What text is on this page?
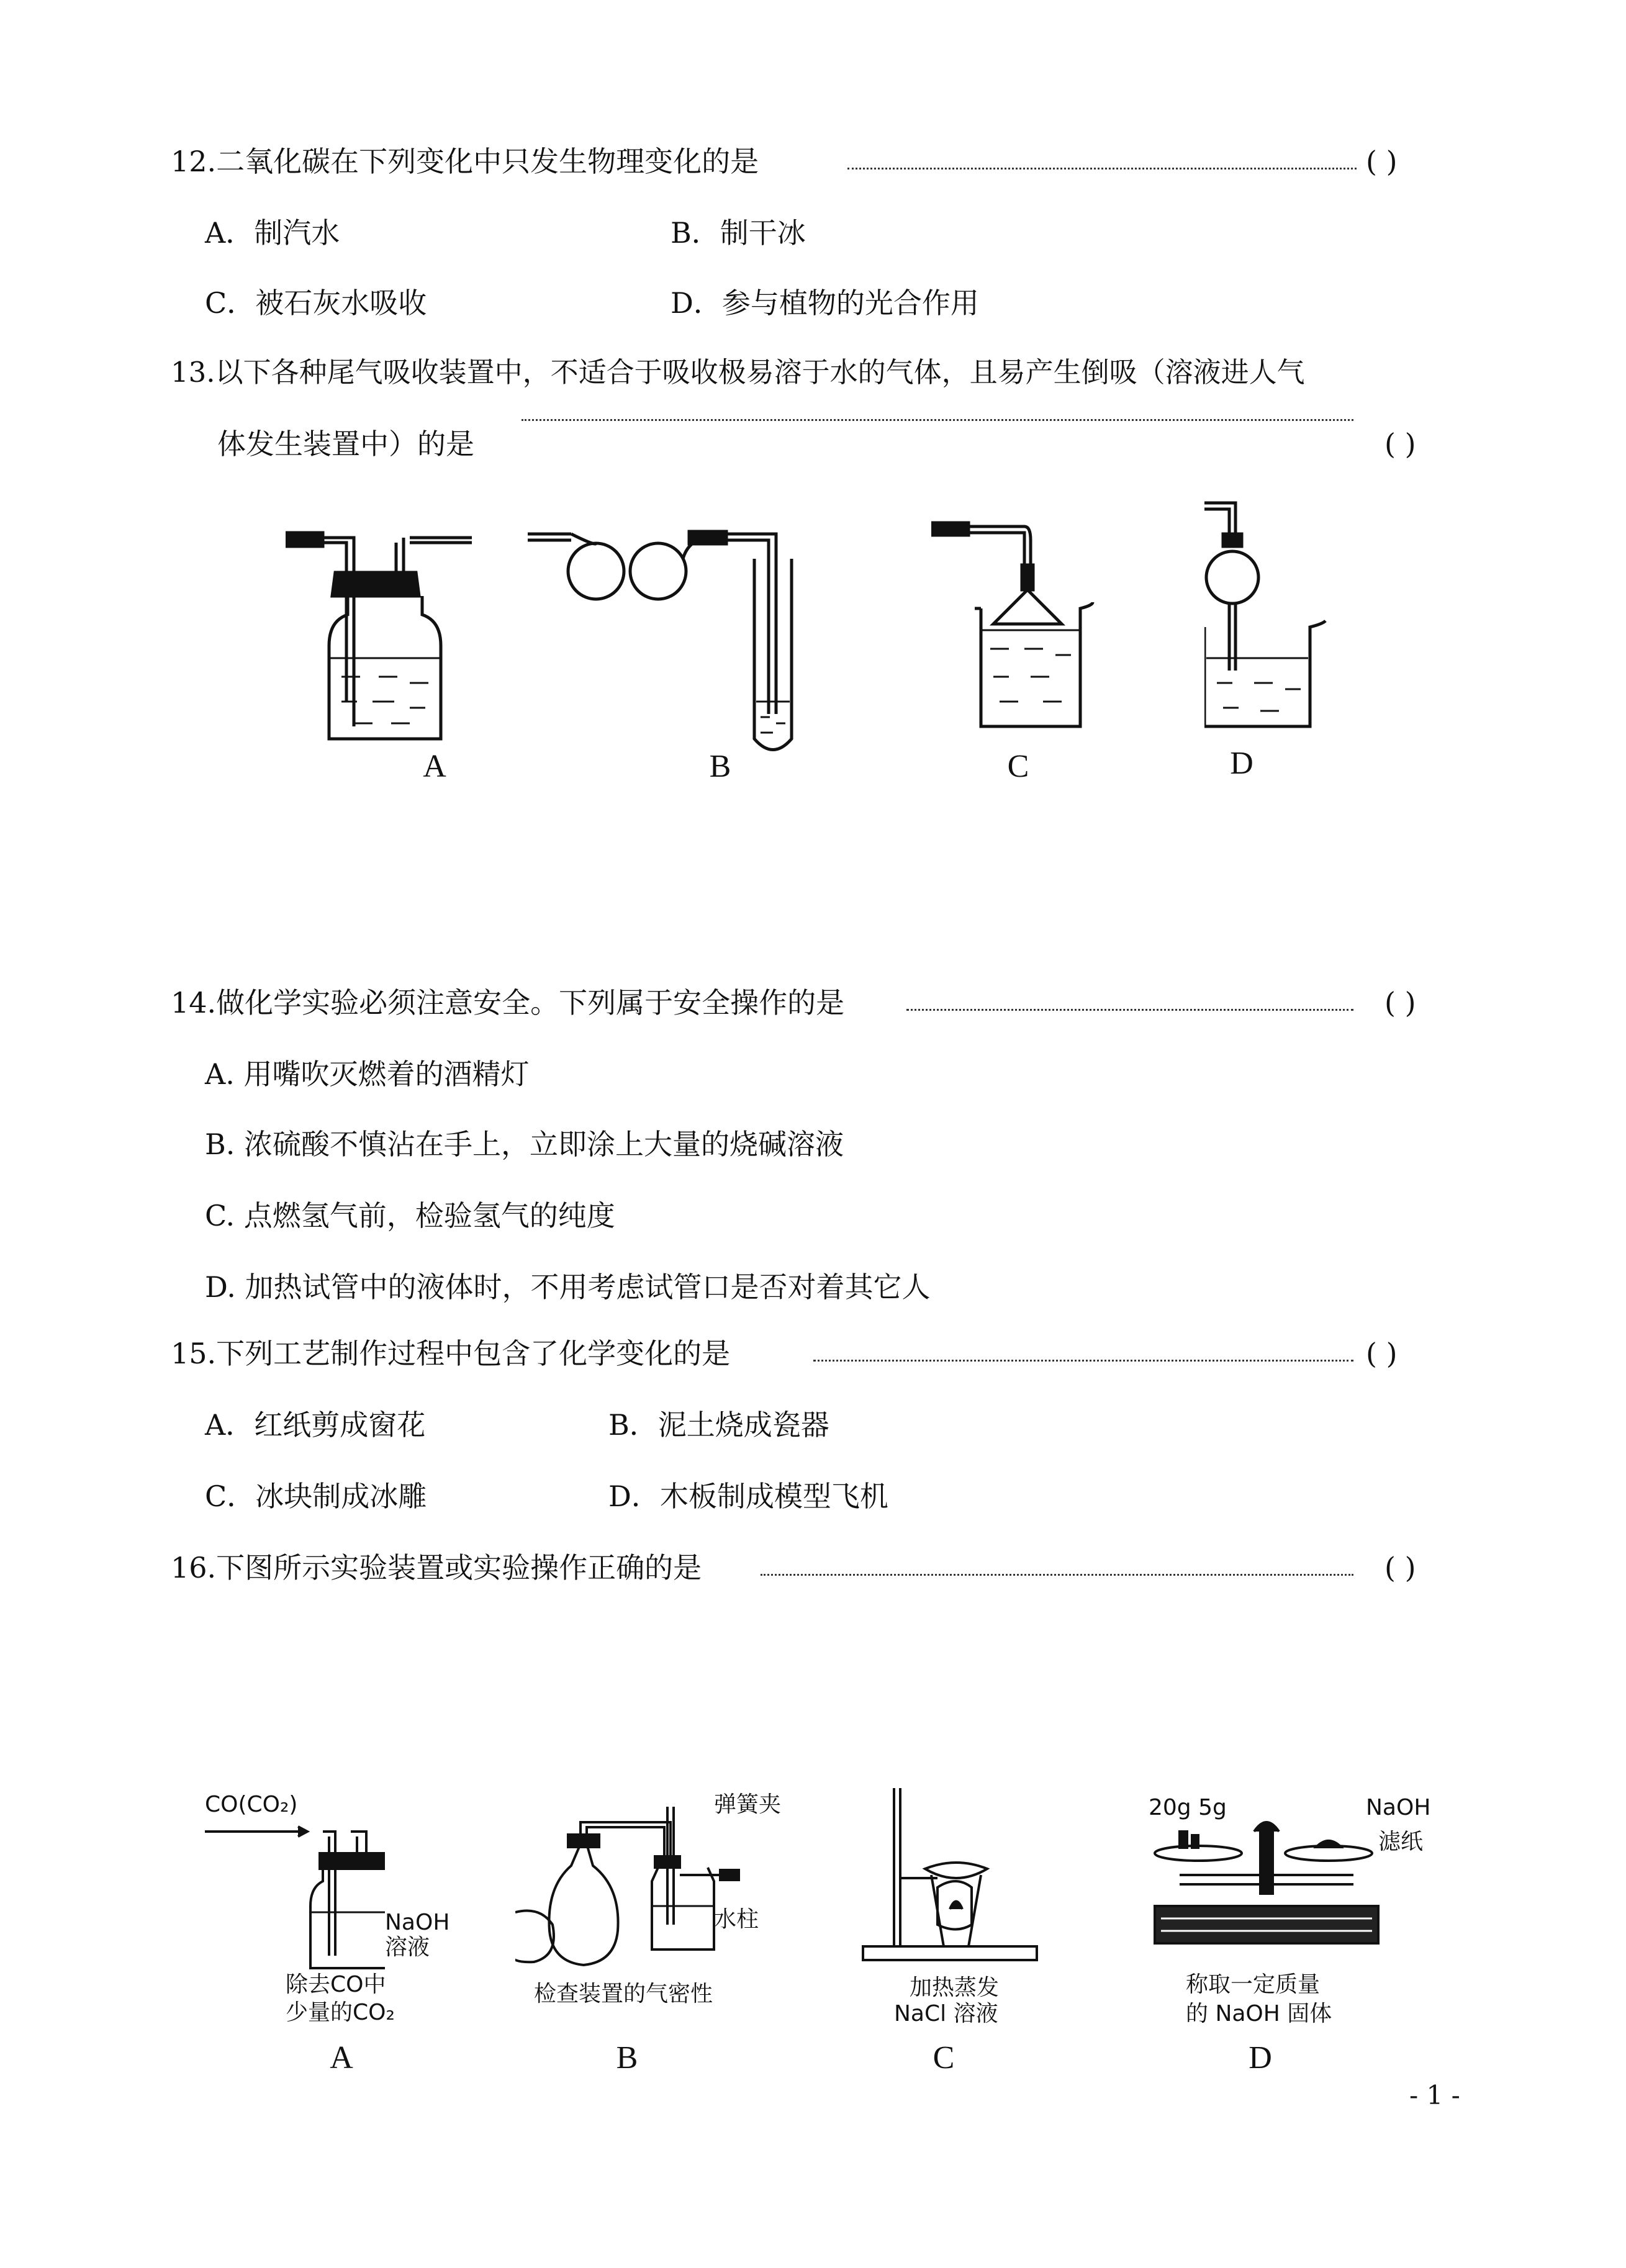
12.二氧化碳在下列变化中只发生物理变化的是	( )
A．制汽水	B．制干冰
C．被石灰水吸收	D．参与植物的光合作用
13.以下各种尾气吸收装置中，不适合于吸收极易溶于水的气体，且易产生倒吸（溶液进人气
体发生装置中）的是	( )
A	B	C	D
14.做化学实验必须注意安全。下列属于安全操作的是	( )
A. 用嘴吹灭燃着的酒精灯
B. 浓硫酸不慎沾在手上，立即涂上大量的烧碱溶液
C. 点燃氢气前，检验氢气的纯度
D. 加热试管中的液体时，不用考虑试管口是否对着其它人
15.下列工艺制作过程中包含了化学变化的是	( )
A．红纸剪成窗花	B．泥土烧成瓷器
C．冰块制成冰雕	D．木板制成模型飞机
16.下图所示实验装置或实验操作正确的是	( )
CO(CO₂)
NaOH
溶液
除去CO中
少量的CO₂
A
弹簧夹
水柱
检查装置的气密性
B
加热蒸发
NaCl 溶液
C
20g 5g	NaOH
滤纸
称取一定质量
的 NaOH 固体
D
- 1 -
